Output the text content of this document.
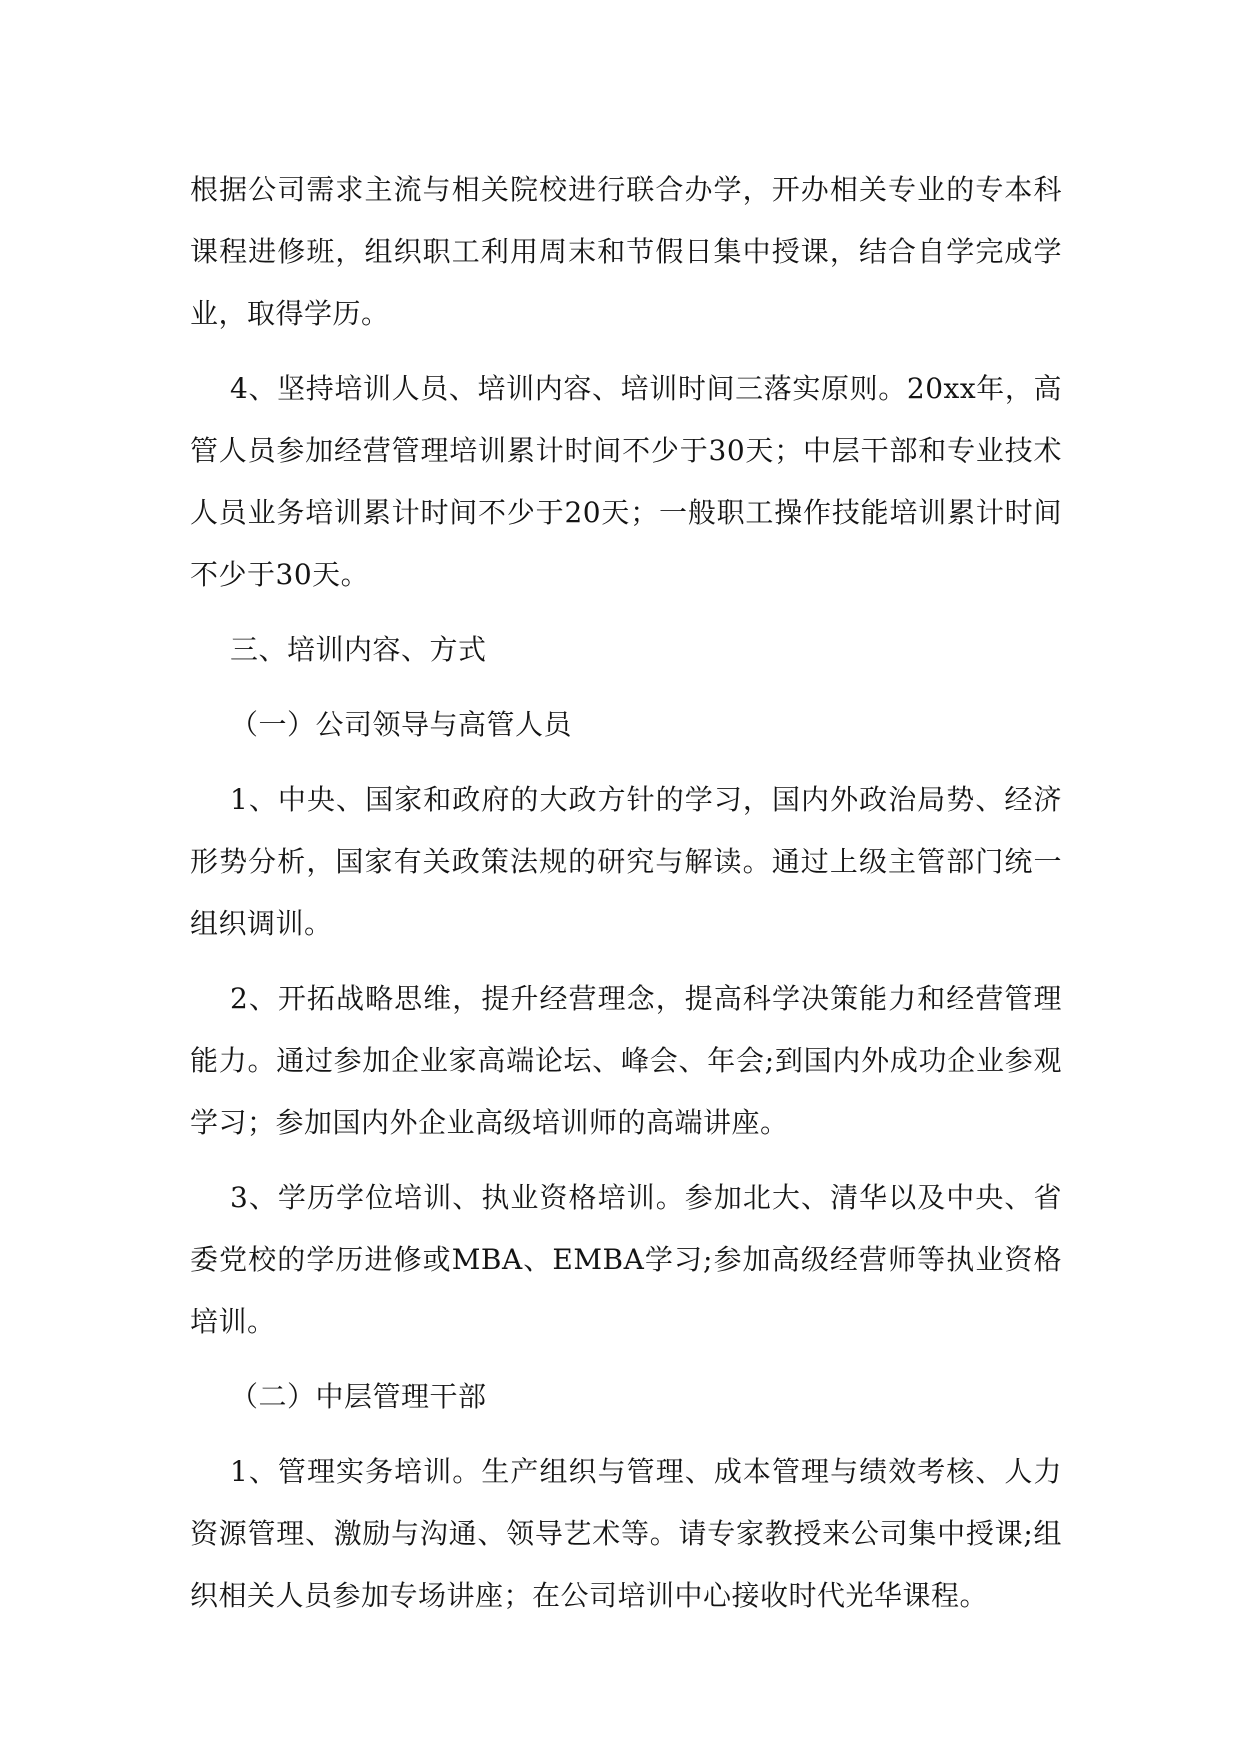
根据公司需求主流与相关院校进行联合办学，开办相关专业的专本科课程进修班，组织职工利用周末和节假日集中授课，结合自学完成学业，取得学历。

4、坚持培训人员、培训内容、培训时间三落实原则。20xx年，高管人员参加经营管理培训累计时间不少于30天；中层干部和专业技术人员业务培训累计时间不少于20天；一般职工操作技能培训累计时间不少于30天。

三、培训内容、方式

（一）公司领导与高管人员

1、中央、国家和政府的大政方针的学习，国内外政治局势、经济形势分析，国家有关政策法规的研究与解读。通过上级主管部门统一组织调训。

2、开拓战略思维，提升经营理念，提高科学决策能力和经营管理能力。通过参加企业家高端论坛、峰会、年会;到国内外成功企业参观学习；参加国内外企业高级培训师的高端讲座。

3、学历学位培训、执业资格培训。参加北大、清华以及中央、省委党校的学历进修或MBA、EMBA学习;参加高级经营师等执业资格培训。

（二）中层管理干部

1、管理实务培训。生产组织与管理、成本管理与绩效考核、人力资源管理、激励与沟通、领导艺术等。请专家教授来公司集中授课;组织相关人员参加专场讲座；在公司培训中心接收时代光华课程。
